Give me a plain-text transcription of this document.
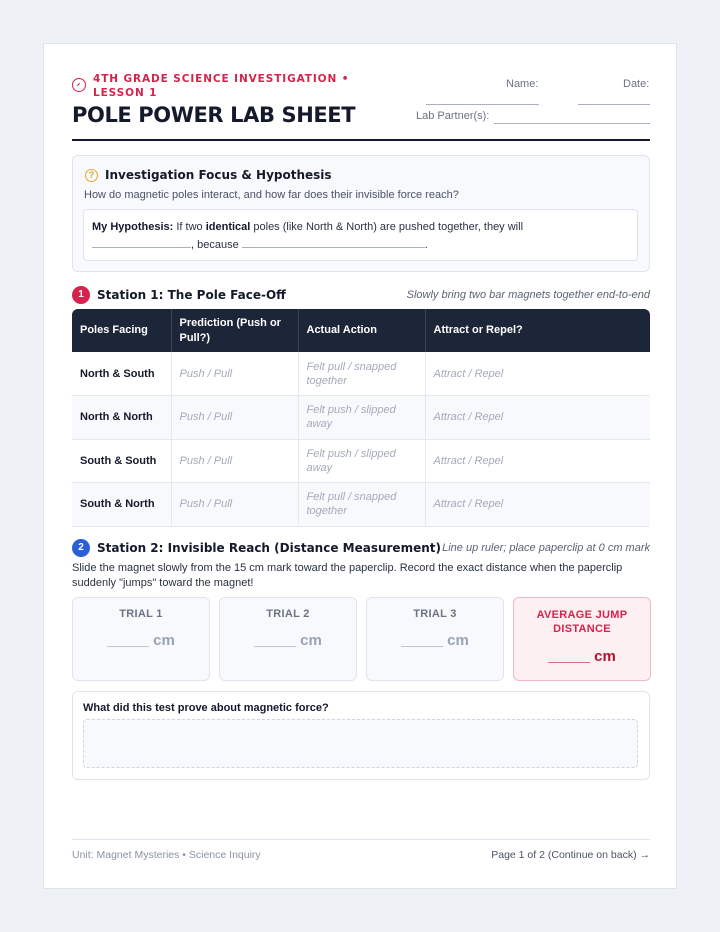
4TH GRADE SCIENCE INVESTIGATION • LESSON 1
POLE POWER LAB SHEET
Name:	Date:
Lab Partner(s):
? Investigation Focus & Hypothesis
How do magnetic poles interact, and how far does their invisible force reach?
My Hypothesis: If two identical poles (like North & North) are pushed together, they will
, because	.
1	Station 1: The Pole Face-Off	Slowly bring two bar magnets together end-to-end
Poles Facing	Prediction (Push or Pull?)	Actual Action	Attract or Repel?
North & South	Push / Pull	Felt pull / snapped together	Attract / Repel
North & North	Push / Pull	Felt push / slipped away	Attract / Repel
South & South	Push / Pull	Felt push / slipped away	Attract / Repel
South & North	Push / Pull	Felt pull / snapped together	Attract / Repel
2	Station 2: Invisible Reach (Distance Measurement) Line up ruler; place paperclip at 0 cm mark
Slide the magnet slowly from the 15 cm mark toward the paperclip. Record the exact distance when the paperclip suddenly "jumps" toward the magnet!
TRIAL 1
_____ cm
TRIAL 2
_____ cm
TRIAL 3
_____ cm
AVERAGE JUMP DISTANCE
_____ cm
What did this test prove about magnetic force?
Unit: Magnet Mysteries • Science Inquiry	Page 1 of 2 (Continue on back) →
